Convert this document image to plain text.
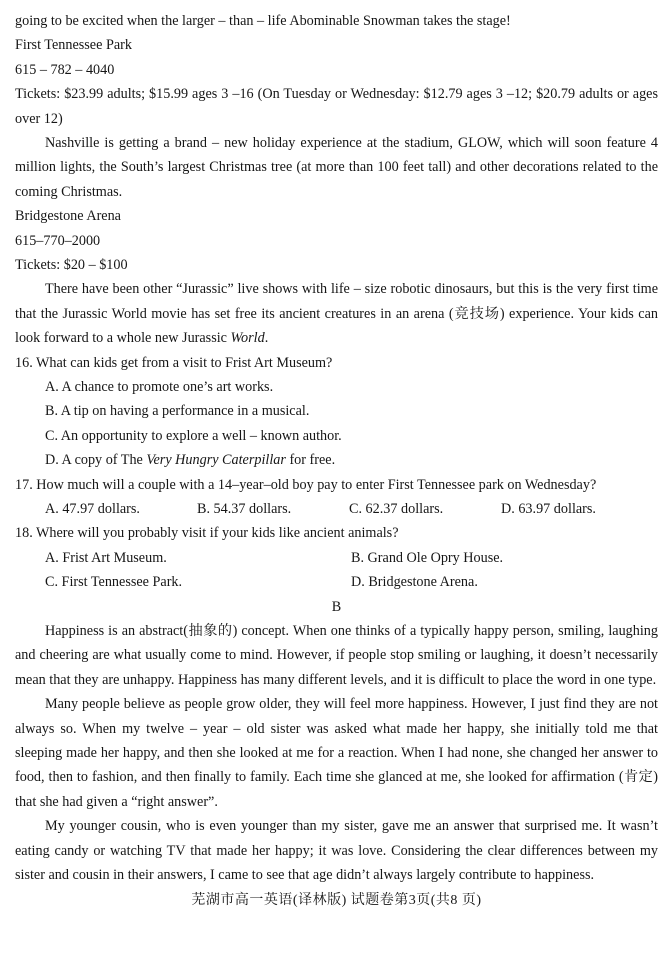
going to be excited when the larger – than – life Abominable Snowman takes the stage!
First Tennessee Park
615 – 782 – 4040
Tickets: $23.99 adults; $15.99 ages 3 –16 (On Tuesday or Wednesday: $12.79 ages 3 –12; $20.79 adults or ages over 12)
Nashville is getting a brand – new holiday experience at the stadium, GLOW, which will soon feature 4 million lights, the South’s largest Christmas tree (at more than 100 feet tall) and other decorations related to the coming Christmas.
Bridgestone Arena
615–770–2000
Tickets: $20 – $100
There have been other “Jurassic” live shows with life – size robotic dinosaurs, but this is the very first time that the Jurassic World movie has set free its ancient creatures in an arena (竞技场) experience. Your kids can look forward to a whole new Jurassic World.
16. What can kids get from a visit to Frist Art Museum?
A. A chance to promote one’s art works.
B. A tip on having a performance in a musical.
C. An opportunity to explore a well – known author.
D. A copy of The Very Hungry Caterpillar for free.
17. How much will a couple with a 14–year–old boy pay to enter First Tennessee park on Wednesday?
A. 47.97 dollars.	B. 54.37 dollars.	C. 62.37 dollars.	D. 63.97 dollars.
18. Where will you probably visit if your kids like ancient animals?
A. Frist Art Museum.	B. Grand Ole Opry House.
C. First Tennessee Park.	D. Bridgestone Arena.
B
Happiness is an abstract(抽象的) concept. When one thinks of a typically happy person, smiling, laughing and cheering are what usually come to mind. However, if people stop smiling or laughing, it doesn’t necessarily mean that they are unhappy. Happiness has many different levels, and it is difficult to place the word in one type.
Many people believe as people grow older, they will feel more happiness. However, I just find they are not always so. When my twelve – year – old sister was asked what made her happy, she initially told me that sleeping made her happy, and then she looked at me for a reaction. When I had none, she changed her answer to food, then to fashion, and then finally to family. Each time she glanced at me, she looked for affirmation (肯定) that she had given a “right answer”.
My younger cousin, who is even younger than my sister, gave me an answer that surprised me. It wasn’t eating candy or watching TV that made her happy; it was love. Considering the clear differences between my sister and cousin in their answers, I came to see that age didn’t always largely contribute to happiness.
芜湖市高一英语(译林版) 试题卷第3页(共8 页)
